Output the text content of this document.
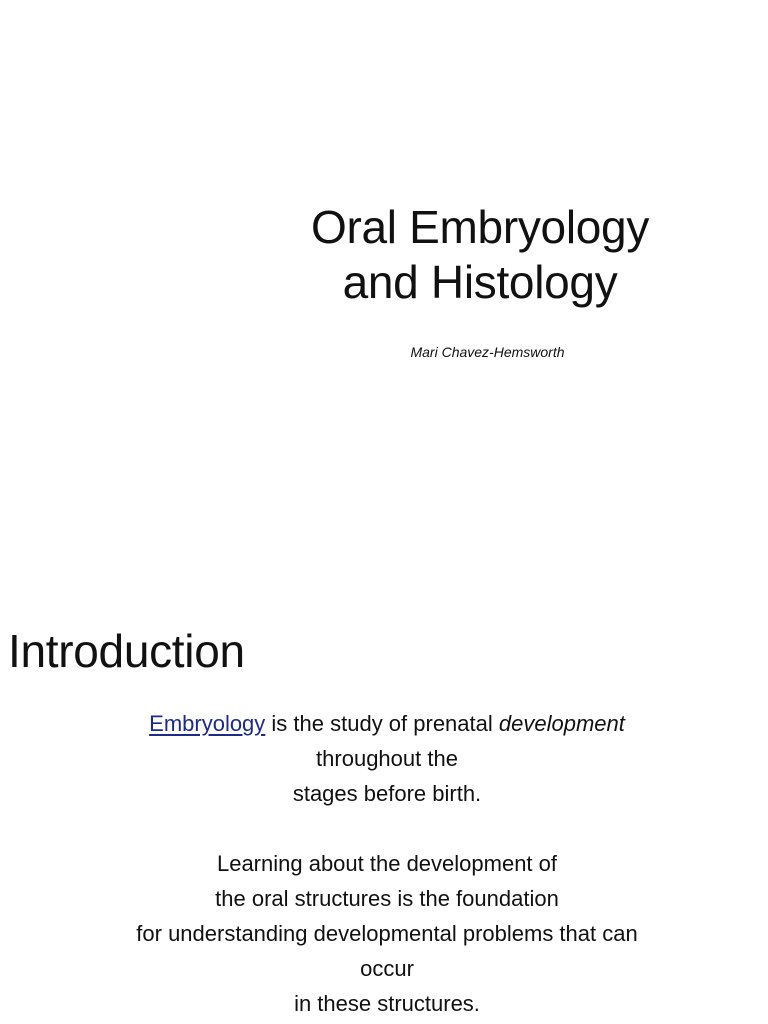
Oral Embryology
and Histology
Mari Chavez-Hemsworth
Introduction
Embryology is the study of prenatal development
throughout the
stages before birth.
Learning about the development of
the oral structures is the foundation
for understanding developmental problems that can
occur
in these structures.
